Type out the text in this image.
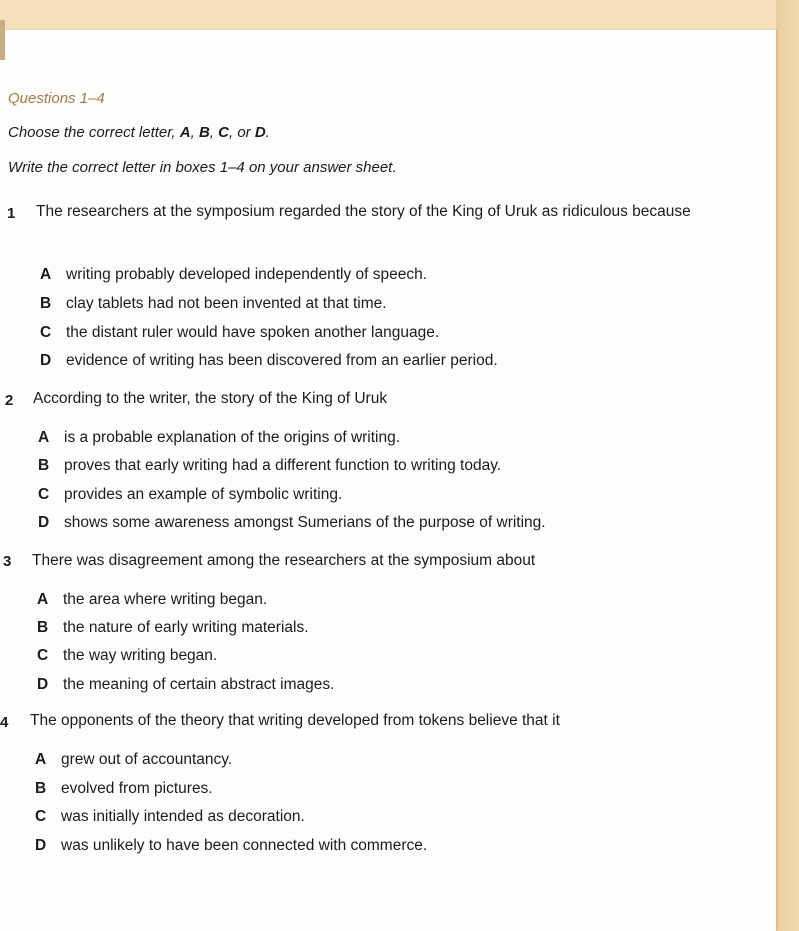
Questions 1–4
Choose the correct letter, A, B, C, or D.
Write the correct letter in boxes 1–4 on your answer sheet.
1 The researchers at the symposium regarded the story of the King of Uruk as ridiculous because
A writing probably developed independently of speech.
B clay tablets had not been invented at that time.
C the distant ruler would have spoken another language.
D evidence of writing has been discovered from an earlier period.
2 According to the writer, the story of the King of Uruk
A is a probable explanation of the origins of writing.
B proves that early writing had a different function to writing today.
C provides an example of symbolic writing.
D shows some awareness amongst Sumerians of the purpose of writing.
3 There was disagreement among the researchers at the symposium about
A the area where writing began.
B the nature of early writing materials.
C the way writing began.
D the meaning of certain abstract images.
4 The opponents of the theory that writing developed from tokens believe that it
A grew out of accountancy.
B evolved from pictures.
C was initially intended as decoration.
D was unlikely to have been connected with commerce.
